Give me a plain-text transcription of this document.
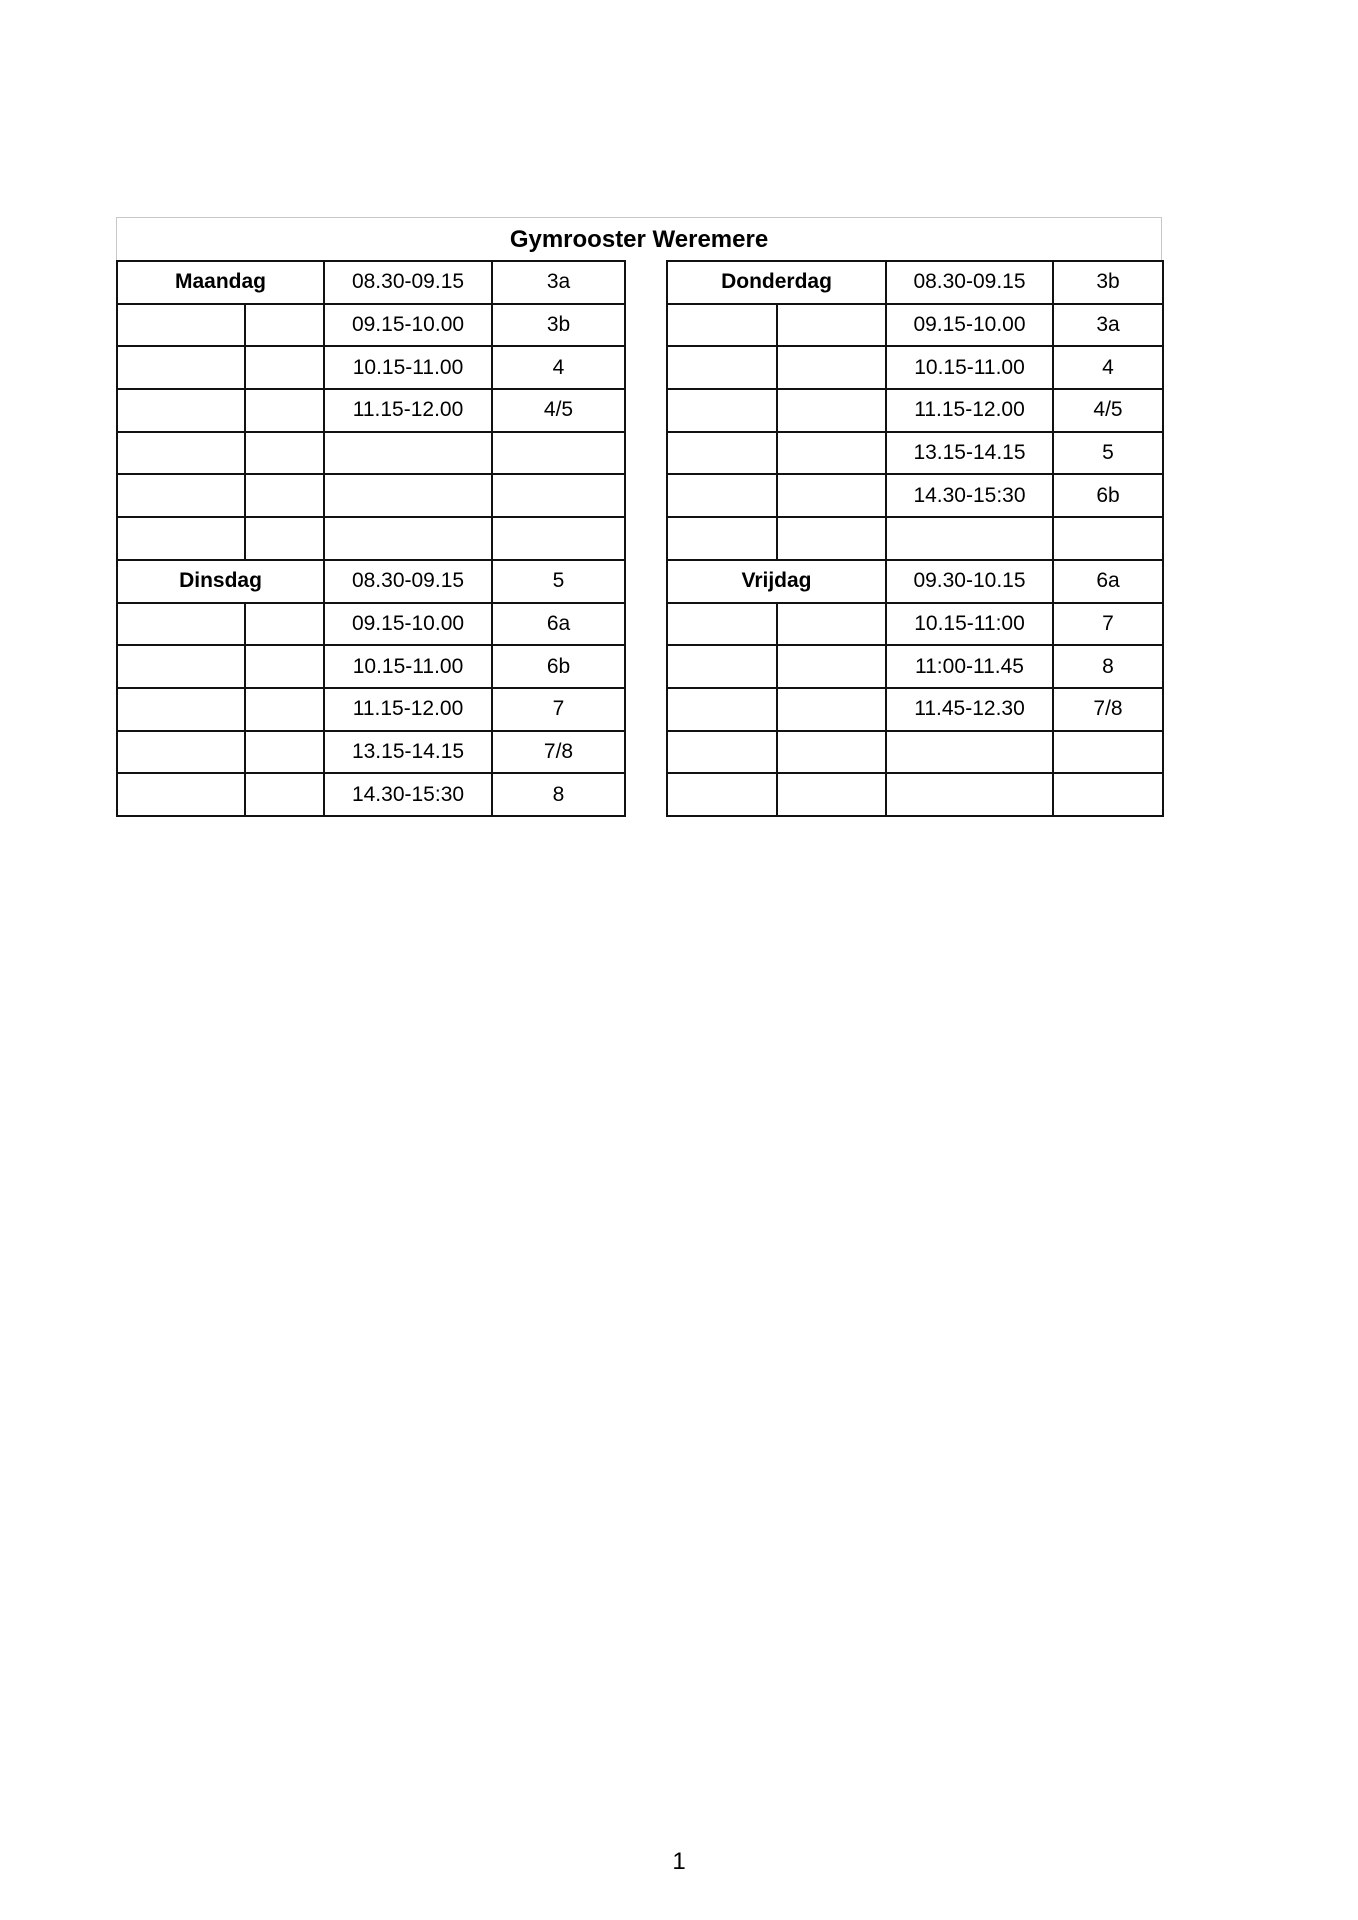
Gymrooster Weremere
Maandag		08.30-09.15	3a
		09.15-10.00	3b
		10.15-11.00	4
		11.15-12.00	4/5

Dinsdag		08.30-09.15	5
		09.15-10.00	6a
		10.15-11.00	6b
		11.15-12.00	7
		13.15-14.15	7/8
		14.30-15:30	8
Donderdag		08.30-09.15	3b
		09.15-10.00	3a
		10.15-11.00	4
		11.15-12.00	4/5
		13.15-14.15	5
		14.30-15:30	6b

Vrijdag		09.30-10.15	6a
		10.15-11:00	7
		11:00-11.45	8
		11.45-12.30	7/8

1
